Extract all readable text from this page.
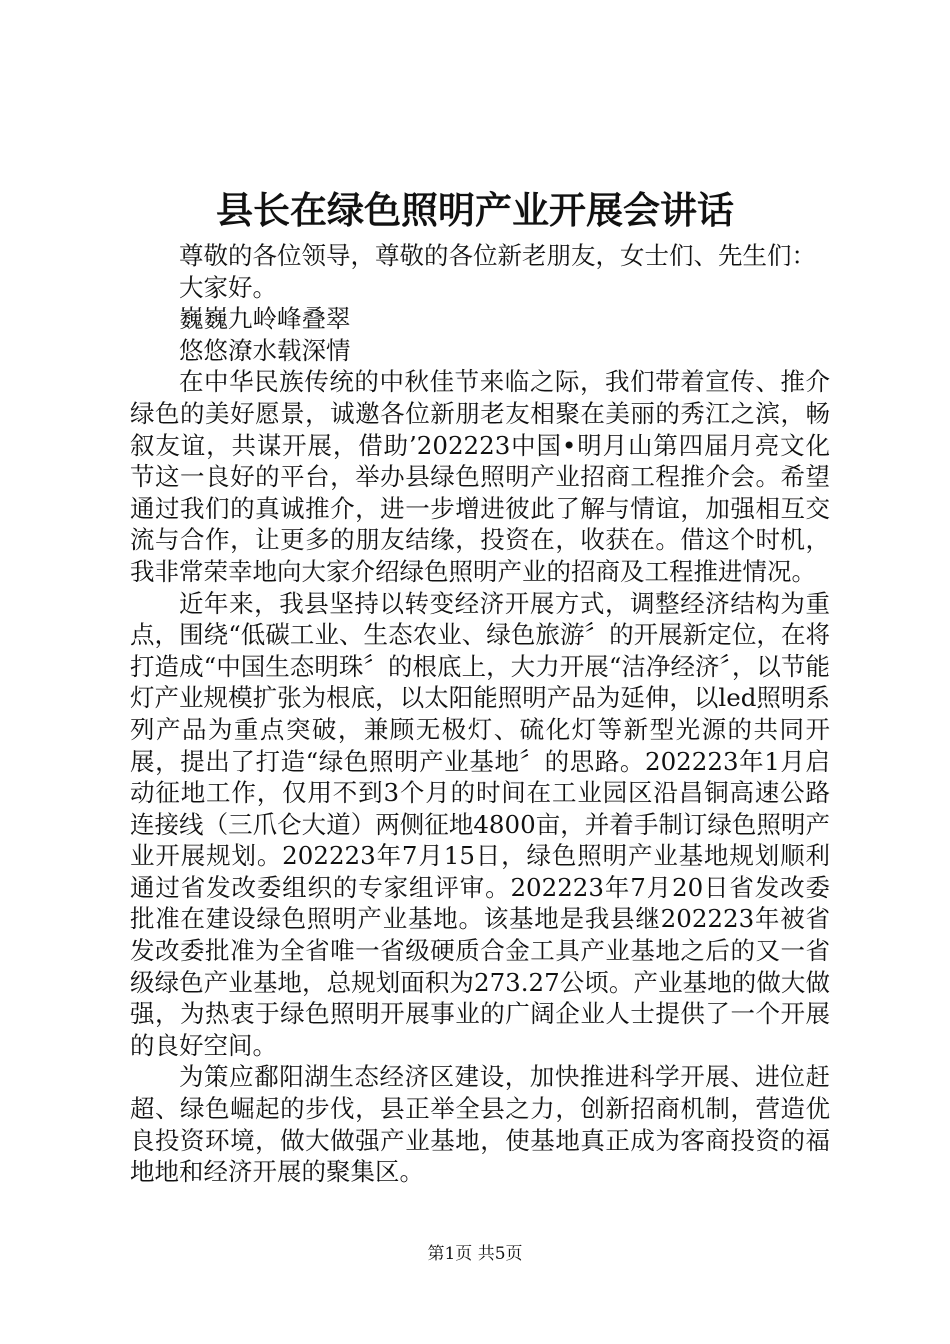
县长在绿色照明产业开展会讲话

尊敬的各位领导，尊敬的各位新老朋友，女士们、先生们：

大家好。

巍巍九岭峰叠翠

悠悠潦水载深情

在中华民族传统的中秋佳节来临之际，我们带着宣传、推介绿色的美好愿景，诚邀各位新朋老友相聚在美丽的秀江之滨，畅叙友谊，共谋开展，借助’202223中国•明月山第四届月亮文化节这一良好的平台，举办县绿色照明产业招商工程推介会。希望通过我们的真诚推介，进一步增进彼此了解与情谊，加强相互交流与合作，让更多的朋友结缘，投资在，收获在。借这个时机，我非常荣幸地向大家介绍绿色照明产业的招商及工程推进情况。

近年来，我县坚持以转变经济开展方式，调整经济结构为重点，围绕“低碳工业、生态农业、绿色旅游〞的开展新定位，在将打造成“中国生态明珠〞的根底上，大力开展“洁净经济〞，以节能灯产业规模扩张为根底，以太阳能照明产品为延伸，以led照明系列产品为重点突破，兼顾无极灯、硫化灯等新型光源的共同开展，提出了打造“绿色照明产业基地〞的思路。202223年1月启动征地工作，仅用不到3个月的时间在工业园区沿昌铜高速公路连接线（三爪仑大道）两侧征地4800亩，并着手制订绿色照明产业开展规划。202223年7月15日，绿色照明产业基地规划顺利通过省发改委组织的专家组评审。202223年7月20日省发改委批准在建设绿色照明产业基地。该基地是我县继202223年被省发改委批准为全省唯一省级硬质合金工具产业基地之后的又一省级绿色产业基地，总规划面积为273.27公顷。产业基地的做大做强，为热衷于绿色照明开展事业的广阔企业人士提供了一个开展的良好空间。

为策应鄱阳湖生态经济区建设，加快推进科学开展、进位赶超、绿色崛起的步伐，县正举全县之力，创新招商机制，营造优良投资环境，做大做强产业基地，使基地真正成为客商投资的福地地和经济开展的聚集区。

第1页 共5页
